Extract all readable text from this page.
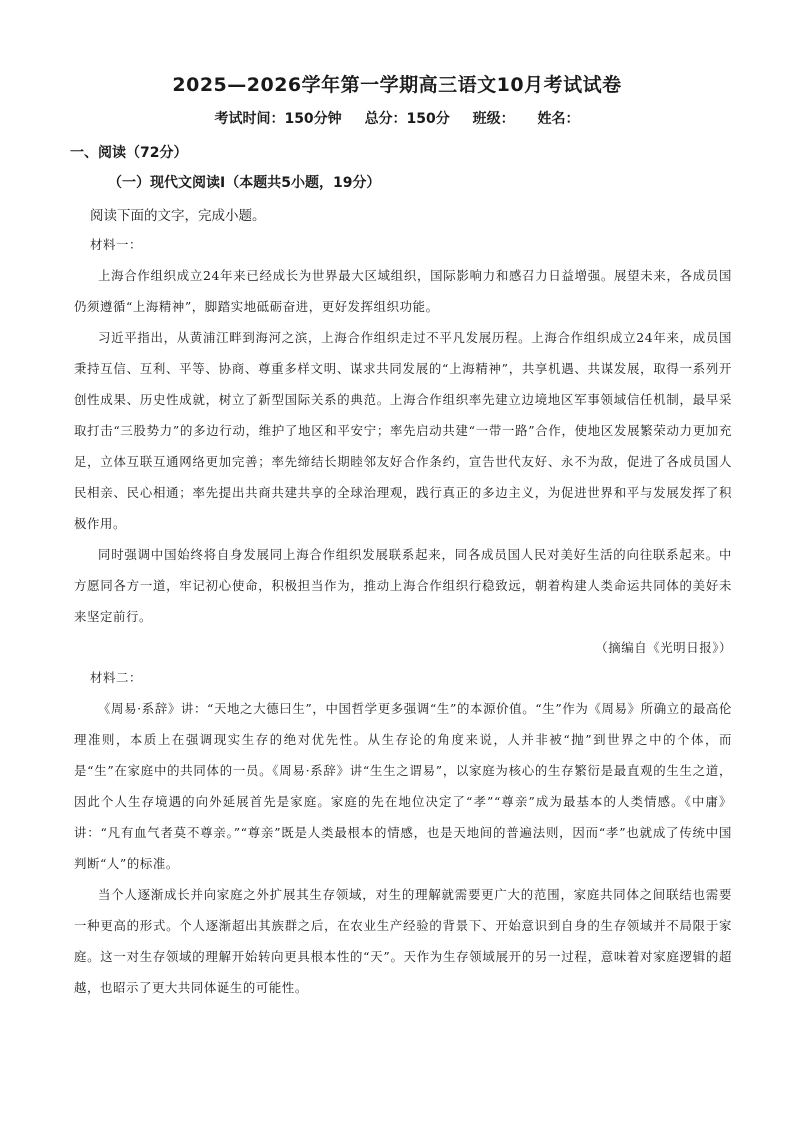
2025—2026学年第一学期高三语文10月考试试卷
考试时间：150分钟 总分：150分 班级： 姓名：
一、阅读（72分）
（一）现代文阅读Ⅰ（本题共5小题，19分）
阅读下面的文字，完成小题。
材料一：
上海合作组织成立24年来已经成长为世界最大区域组织，国际影响力和感召力日益增强。展望未来，各成员国仍须遵循“上海精神”，脚踏实地砥砺奋进，更好发挥组织功能。
习近平指出，从黄浦江畔到海河之滨，上海合作组织走过不平凡发展历程。上海合作组织成立24年来，成员国秉持互信、互利、平等、协商、尊重多样文明、谋求共同发展的“上海精神”，共享机遇、共谋发展，取得一系列开创性成果、历史性成就，树立了新型国际关系的典范。上海合作组织率先建立边境地区军事领域信任机制，最早采取打击“三股势力”的多边行动，维护了地区和平安宁；率先启动共建“一带一路”合作，使地区发展繁荣动力更加充足，立体互联互通网络更加完善；率先缔结长期睦邻友好合作条约，宣告世代友好、永不为敌，促进了各成员国人民相亲、民心相通；率先提出共商共建共享的全球治理观，践行真正的多边主义，为促进世界和平与发展发挥了积极作用。
同时强调中国始终将自身发展同上海合作组织发展联系起来，同各成员国人民对美好生活的向往联系起来。中方愿同各方一道，牢记初心使命，积极担当作为，推动上海合作组织行稳致远，朝着构建人类命运共同体的美好未来坚定前行。
（摘编自《光明日报》）
材料二：
《周易·系辞》讲：“天地之大德曰生”，中国哲学更多强调“生”的本源价值。“生”作为《周易》所确立的最高伦理准则，本质上在强调现实生存的绝对优先性。从生存论的角度来说，人并非被“抛”到世界之中的个体，而是“生”在家庭中的共同体的一员。《周易·系辞》讲“生生之谓易”，以家庭为核心的生存繁衍是最直观的生生之道，因此个人生存境遇的向外延展首先是家庭。家庭的先在地位决定了“孝”“尊亲”成为最基本的人类情感。《中庸》讲：“凡有血气者莫不尊亲。”“尊亲”既是人类最根本的情感，也是天地间的普遍法则，因而“孝”也就成了传统中国判断“人”的标准。
当个人逐渐成长并向家庭之外扩展其生存领域，对生的理解就需要更广大的范围，家庭共同体之间联结也需要一种更高的形式。个人逐渐超出其族群之后，在农业生产经验的背景下、开始意识到自身的生存领域并不局限于家庭。这一对生存领域的理解开始转向更具根本性的“天”。天作为生存领域展开的另一过程，意味着对家庭逻辑的超越，也昭示了更大共同体诞生的可能性。
